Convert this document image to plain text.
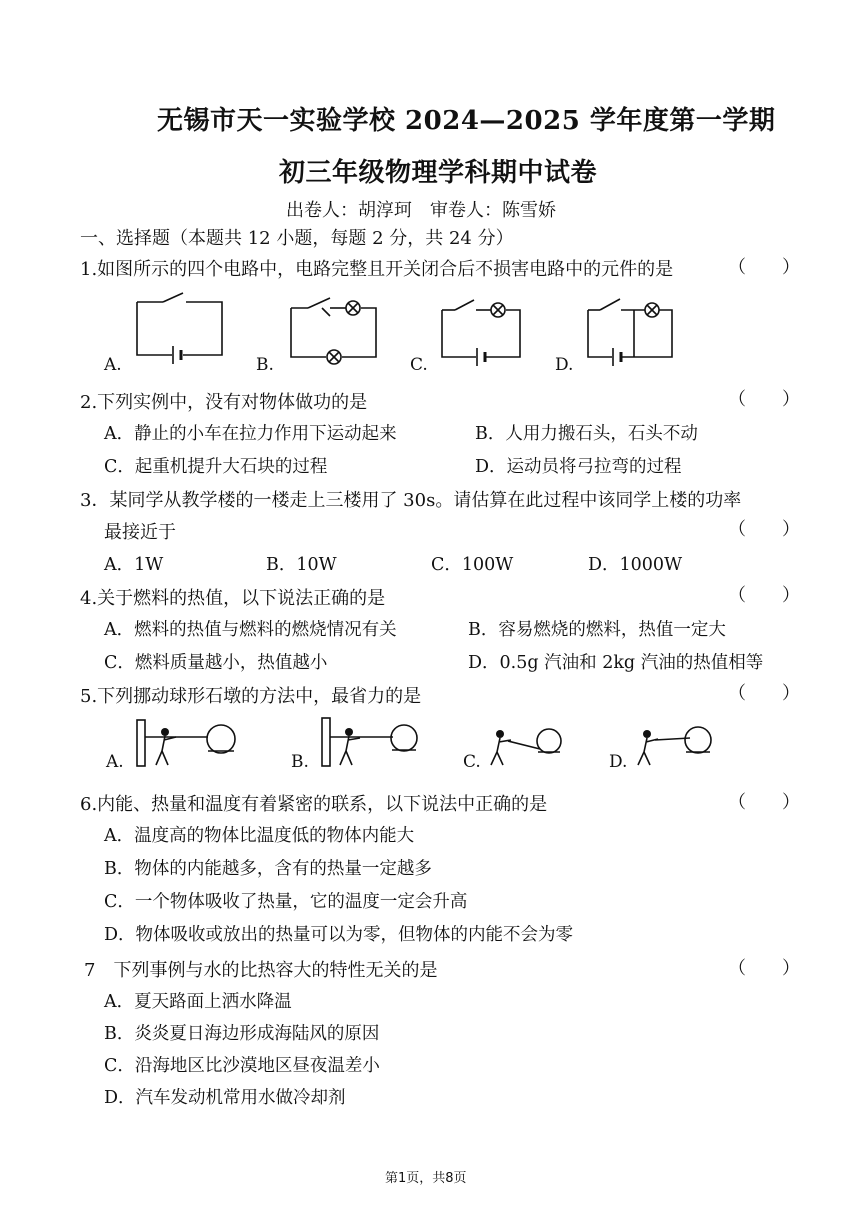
无锡市天一实验学校 2024—2025 学年度第一学期
初三年级物理学科期中试卷
出卷人：胡淳珂　审卷人：陈雪娇
一、选择题（本题共 12 小题，每题 2 分，共 24 分）
1.如图所示的四个电路中，电路完整且开关闭合后不损害电路中的元件的是	（　　）
A.	B.	C.	D.
2.下列实例中，没有对物体做功的是	（　　）
A．静止的小车在拉力作用下运动起来	B．人用力搬石头，石头不动
C．起重机提升大石块的过程	D．运动员将弓拉弯的过程
3．某同学从教学楼的一楼走上三楼用了 30s。请估算在此过程中该同学上楼的功率
最接近于	（　　）
A．1W	B．10W	C．100W	D．1000W
4.关于燃料的热值，以下说法正确的是	（　　）
A．燃料的热值与燃料的燃烧情况有关	B．容易燃烧的燃料，热值一定大
C．燃料质量越小，热值越小	D．0.5g 汽油和 2kg 汽油的热值相等
5.下列挪动球形石墩的方法中，最省力的是	（　　）
A.	B.	C.	D.
6.内能、热量和温度有着紧密的联系，以下说法中正确的是	（　　）
A．温度高的物体比温度低的物体内能大
B．物体的内能越多，含有的热量一定越多
C．一个物体吸收了热量，它的温度一定会升高
D．物体吸收或放出的热量可以为零，但物体的内能不会为零
7　下列事例与水的比热容大的特性无关的是	（　　）
A．夏天路面上洒水降温
B．炎炎夏日海边形成海陆风的原因
C．沿海地区比沙漠地区昼夜温差小
D．汽车发动机常用水做冷却剂
第1页，共8页
